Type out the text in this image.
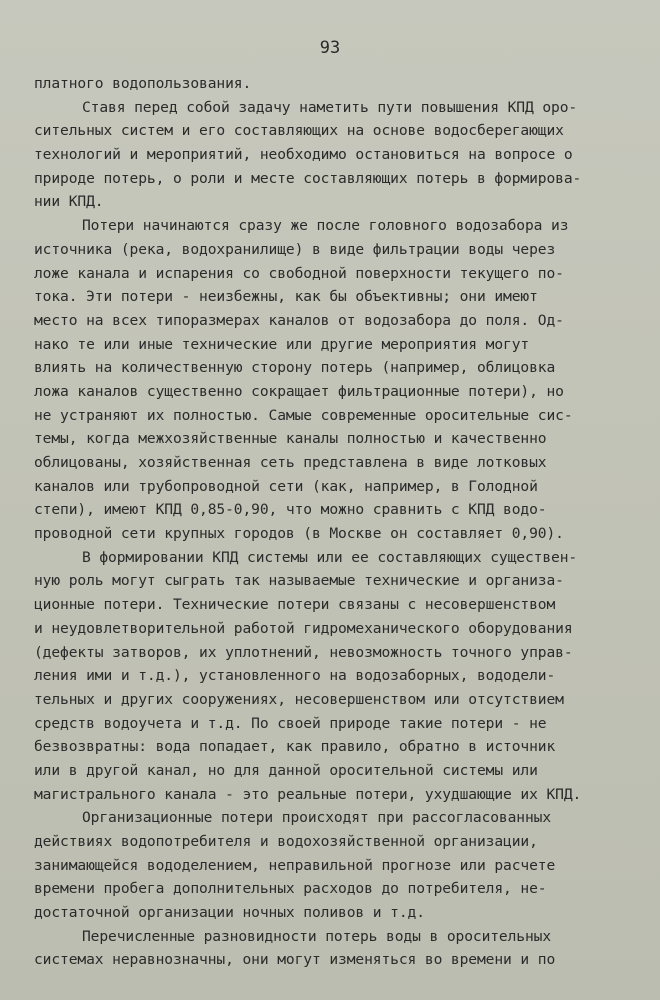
93
платного водопользования.
Ставя перед собой задачу наметить пути повышения КПД оро-
сительных систем и его составляющих на основе водосберегающих
технологий и мероприятий, необходимо остановиться на вопросе о
природе потерь, о роли и месте составляющих потерь в формирова-
нии КПД.
Потери начинаются сразу же после головного водозабора из
источника (река, водохранилище) в виде фильтрации воды через
ложе канала и испарения со свободной поверхности текущего по-
тока. Эти потери - неизбежны, как бы объективны; они имеют
место на всех типоразмерах каналов от водозабора до поля. Од-
нако те или иные технические или другие мероприятия могут
влиять на количественную сторону потерь (например, облицовка
ложа каналов существенно сокращает фильтрационные потери), но
не устраняют их полностью. Самые современные оросительные сис-
темы, когда межхозяйственные каналы полностью и качественно
облицованы, хозяйственная сеть представлена в виде лотковых
каналов или трубопроводной сети (как, например, в Голодной
степи), имеют КПД 0,85-0,90, что можно сравнить с КПД водо-
проводной сети крупных городов (в Москве он составляет 0,90).
В формировании КПД системы или ее составляющих существен-
ную роль могут сыграть так называемые технические и организа-
ционные потери. Технические потери связаны с несовершенством
и неудовлетворительной работой гидромеханического оборудования
(дефекты затворов, их уплотнений, невозможность точного управ-
ления ими и т.д.), установленного на водозаборных, вододели-
тельных и других сооружениях, несовершенством или отсутствием
средств водоучета и т.д. По своей природе такие потери - не
безвозвратны: вода попадает, как правило, обратно в источник
или в другой канал, но для данной оросительной системы или
магистрального канала - это реальные потери, ухудшающие их КПД.
Организационные потери происходят при рассогласованных
действиях водопотребителя и водохозяйственной организации,
занимающейся вододелением, неправильной прогнозе или расчете
времени пробега дополнительных расходов до потребителя, не-
достаточной организации ночных поливов и т.д.
Перечисленные разновидности потерь воды в оросительных
системах неравнозначны, они могут изменяться во времени и по
